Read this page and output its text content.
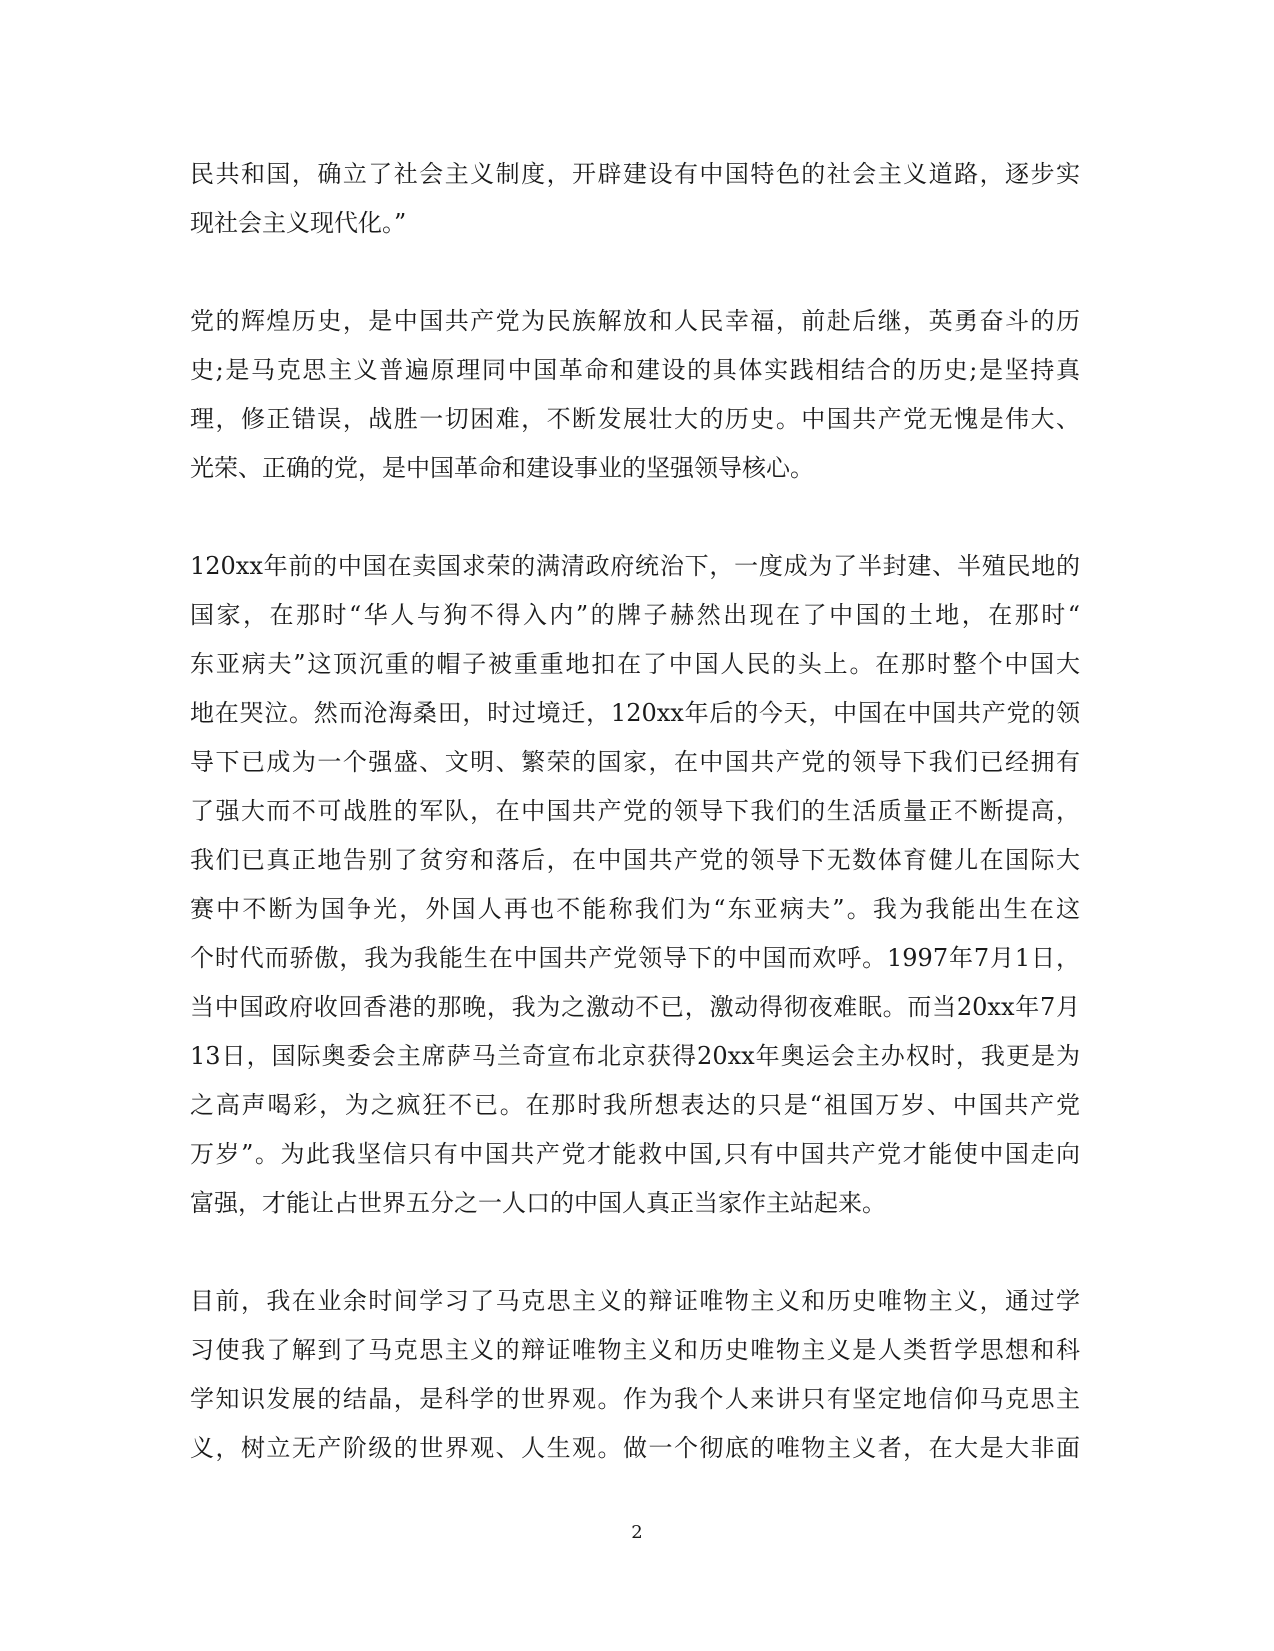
民共和国，确立了社会主义制度，开辟建设有中国特色的社会主义道路，逐步实
现社会主义现代化。”
党的辉煌历史，是中国共产党为民族解放和人民幸福，前赴后继，英勇奋斗的历
史;是马克思主义普遍原理同中国革命和建设的具体实践相结合的历史;是坚持真
理，修正错误，战胜一切困难，不断发展壮大的历史。中国共产党无愧是伟大、
光荣、正确的党，是中国革命和建设事业的坚强领导核心。
120xx年前的中国在卖国求荣的满清政府统治下，一度成为了半封建、半殖民地的
国家，在那时“华人与狗不得入内”的牌子赫然出现在了中国的土地，在那时“
东亚病夫”这顶沉重的帽子被重重地扣在了中国人民的头上。在那时整个中国大
地在哭泣。然而沧海桑田，时过境迁，120xx年后的今天，中国在中国共产党的领
导下已成为一个强盛、文明、繁荣的国家，在中国共产党的领导下我们已经拥有
了强大而不可战胜的军队，在中国共产党的领导下我们的生活质量正不断提高，
我们已真正地告别了贫穷和落后，在中国共产党的领导下无数体育健儿在国际大
赛中不断为国争光，外国人再也不能称我们为“东亚病夫”。我为我能出生在这
个时代而骄傲，我为我能生在中国共产党领导下的中国而欢呼。1997年7月1日，
当中国政府收回香港的那晚，我为之激动不已，激动得彻夜难眠。而当20xx年7月
13日，国际奥委会主席萨马兰奇宣布北京获得20xx年奥运会主办权时，我更是为
之高声喝彩，为之疯狂不已。在那时我所想表达的只是“祖国万岁、中国共产党
万岁”。为此我坚信只有中国共产党才能救中国,只有中国共产党才能使中国走向
富强，才能让占世界五分之一人口的中国人真正当家作主站起来。
目前，我在业余时间学习了马克思主义的辩证唯物主义和历史唯物主义，通过学
习使我了解到了马克思主义的辩证唯物主义和历史唯物主义是人类哲学思想和科
学知识发展的结晶，是科学的世界观。作为我个人来讲只有坚定地信仰马克思主
义，树立无产阶级的世界观、人生观。做一个彻底的唯物主义者，在大是大非面
2
